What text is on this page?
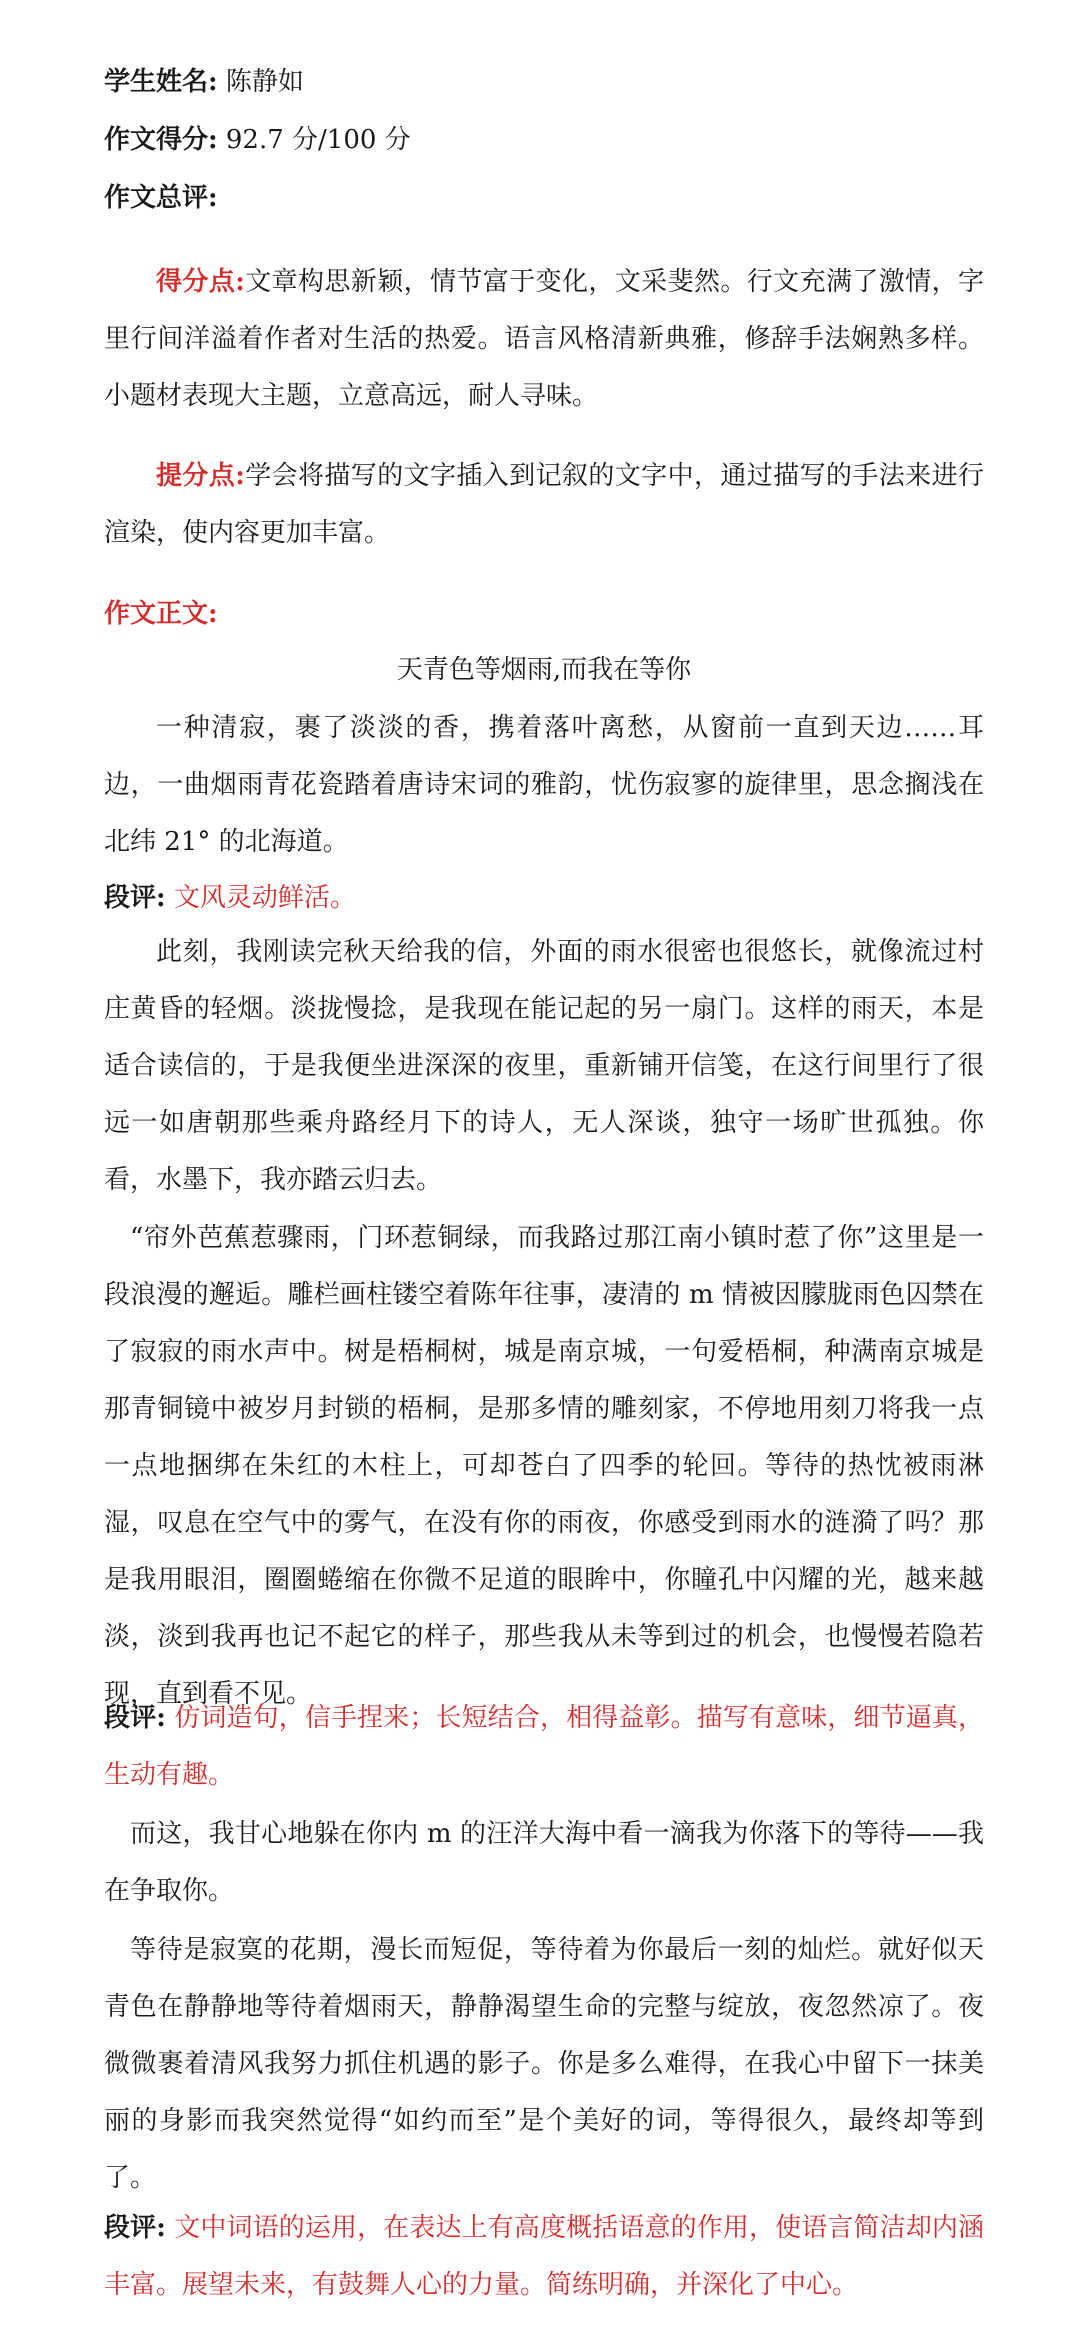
学生姓名: 陈静如
作文得分: 92.7 分/100 分
作文总评:

得分点:文章构思新颖，情节富于变化，文采斐然。行文充满了激情，字里行间洋溢着作者对生活的热爱。语言风格清新典雅，修辞手法娴熟多样。小题材表现大主题，立意高远，耐人寻味。

提分点:学会将描写的文字插入到记叙的文字中，通过描写的手法来进行渲染，使内容更加丰富。

作文正文:
天青色等烟雨,而我在等你

一种清寂，裹了淡淡的香，携着落叶离愁，从窗前一直到天边……耳边，一曲烟雨青花瓷踏着唐诗宋词的雅韵，忧伤寂寥的旋律里，思念搁浅在北纬 21° 的北海道。

段评: 文风灵动鲜活。

此刻，我刚读完秋天给我的信，外面的雨水很密也很悠长，就像流过村庄黄昏的轻烟。淡拢慢捻，是我现在能记起的另一扇门。这样的雨天，本是适合读信的，于是我便坐进深深的夜里，重新铺开信笺，在这行间里行了很远一如唐朝那些乘舟路经月下的诗人，无人深谈，独守一场旷世孤独。你看，水墨下，我亦踏云归去。

“帘外芭蕉惹骤雨，门环惹铜绿，而我路过那江南小镇时惹了你”这里是一段浪漫的邂逅。雕栏画柱镂空着陈年往事，凄清的 m 情被因朦胧雨色囚禁在了寂寂的雨水声中。树是梧桐树，城是南京城，一句爱梧桐，种满南京城是那青铜镜中被岁月封锁的梧桐，是那多情的雕刻家，不停地用刻刀将我一点一点地捆绑在朱红的木柱上，可却苍白了四季的轮回。等待的热忱被雨淋湿，叹息在空气中的雾气，在没有你的雨夜，你感受到雨水的涟漪了吗？那是我用眼泪，圈圈蜷缩在你微不足道的眼眸中，你瞳孔中闪耀的光，越来越淡，淡到我再也记不起它的样子，那些我从未等到过的机会，也慢慢若隐若现，直到看不见。

段评: 仿词造句，信手捏来；长短结合，相得益彰。描写有意味，细节逼真，生动有趣。

而这，我甘心地躲在你内 m 的汪洋大海中看一滴我为你落下的等待——我在争取你。

等待是寂寞的花期，漫长而短促，等待着为你最后一刻的灿烂。就好似天青色在静静地等待着烟雨天，静静渴望生命的完整与绽放，夜忽然凉了。夜微微裹着清风我努力抓住机遇的影子。你是多么难得，在我心中留下一抹美丽的身影而我突然觉得“如约而至”是个美好的词，等得很久，最终却等到了。

段评: 文中词语的运用，在表达上有高度概括语意的作用，使语言简洁却内涵丰富。展望未来，有鼓舞人心的力量。简练明确，并深化了中心。
